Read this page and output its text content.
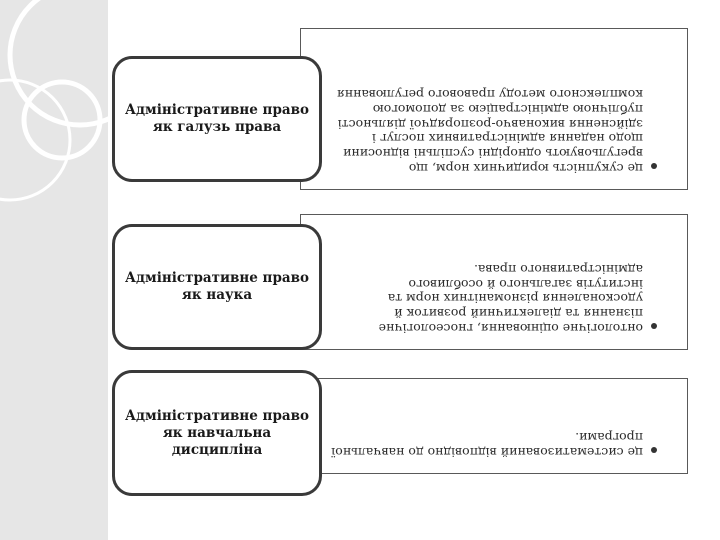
це сукупність юридичних норм, що врегульовують однорідні суспільні відносини щодо надання адміністративних послуг і здійснення виконавчо-розпорядчої діяльності публічною адміністрацією за допомогою комплексного методу правового регулювання
Адміністративне право як галузь права
онтологічне оцінювання, гносеологічне пізнання та діалектичний розвиток й удосконалення різноманітних норм та інститутів загального й особливого адміністративного права.
Адміністративне право як наука
це систематизований відповідно до навчальної програми.
Адміністративне право як навчальна дисципліна
